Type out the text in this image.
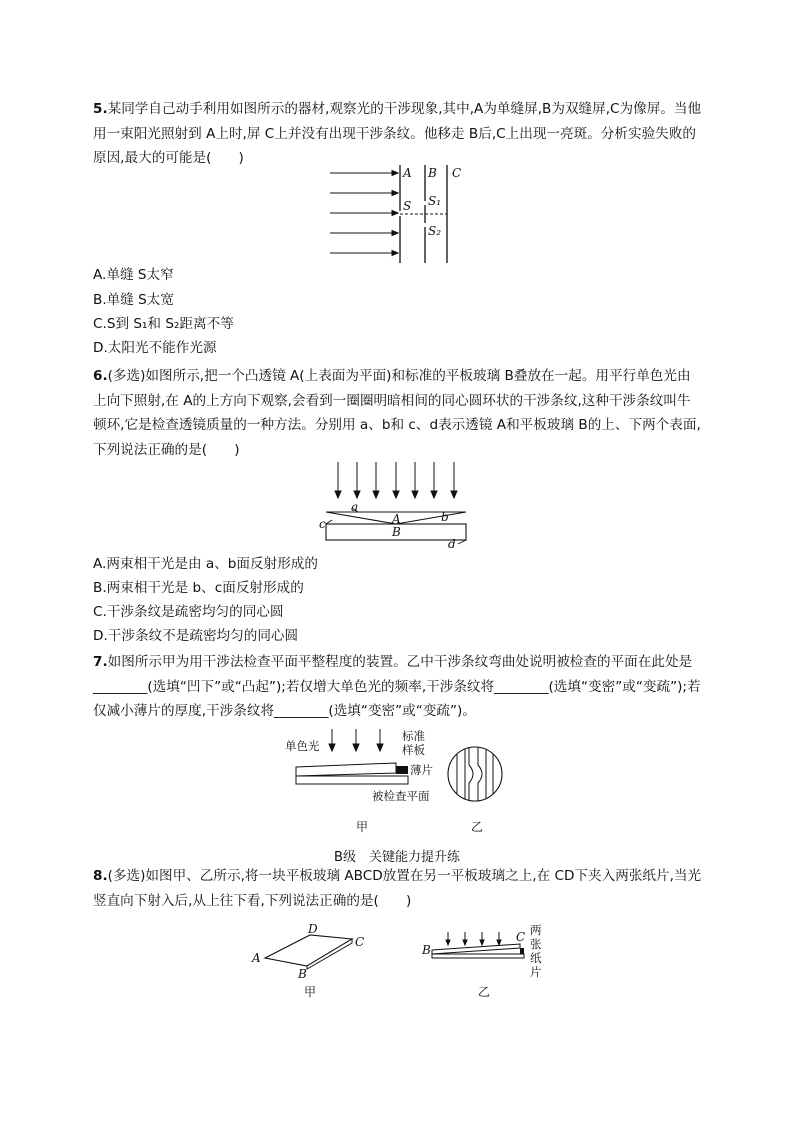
5.某同学自己动手利用如图所示的器材,观察光的干涉现象,其中,A为单缝屏,B为双缝屏,C为像屏。当他用一束阳光照射到 A上时,屏 C上并没有出现干涉条纹。他移走 B后,C上出现一亮斑。分析实验失败的原因,最大的可能是(　　)

A B C
S S₁
S₂

A.单缝 S太窄

B.单缝 S太宽

C.S到 S₁和 S₂距离不等

D.太阳光不能作光源

6.(多选)如图所示,把一个凸透镜 A(上表面为平面)和标准的平板玻璃 B叠放在一起。用平行单色光由上向下照射,在 A的上方向下观察,会看到一圈圈明暗相间的同心圆环状的干涉条纹,这种干涉条纹叫牛顿环,它是检查透镜质量的一种方法。分别用 a、b和 c、d表示透镜 A和平板玻璃 B的上、下两个表面,下列说法正确的是(　　)

a
A	b
c
B
d

A.两束相干光是由 a、b面反射形成的

B.两束相干光是 b、c面反射形成的

C.干涉条纹是疏密均匀的同心圆

D.干涉条纹不是疏密均匀的同心圆

7.如图所示甲为用干涉法检查平面平整程度的装置。乙中干涉条纹弯曲处说明被检查的平面在此处是________(选填“凹下”或“凸起”);若仅增大单色光的频率,干涉条纹将________(选填“变密”或“变疏”);若仅减小薄片的厚度,干涉条纹将________(选填“变密”或“变疏”)。

单色光
标准
样板
薄片
被检查平面
甲	乙
B级　关键能力提升练

8.(多选)如图甲、乙所示,将一块平板玻璃 ABCD放置在另一平板玻璃之上,在 CD下夹入两张纸片,当光竖直向下射入后,从上往下看,下列说法正确的是(　　)

A
D
C
B
B
C 两
张
纸
片
甲	乙
